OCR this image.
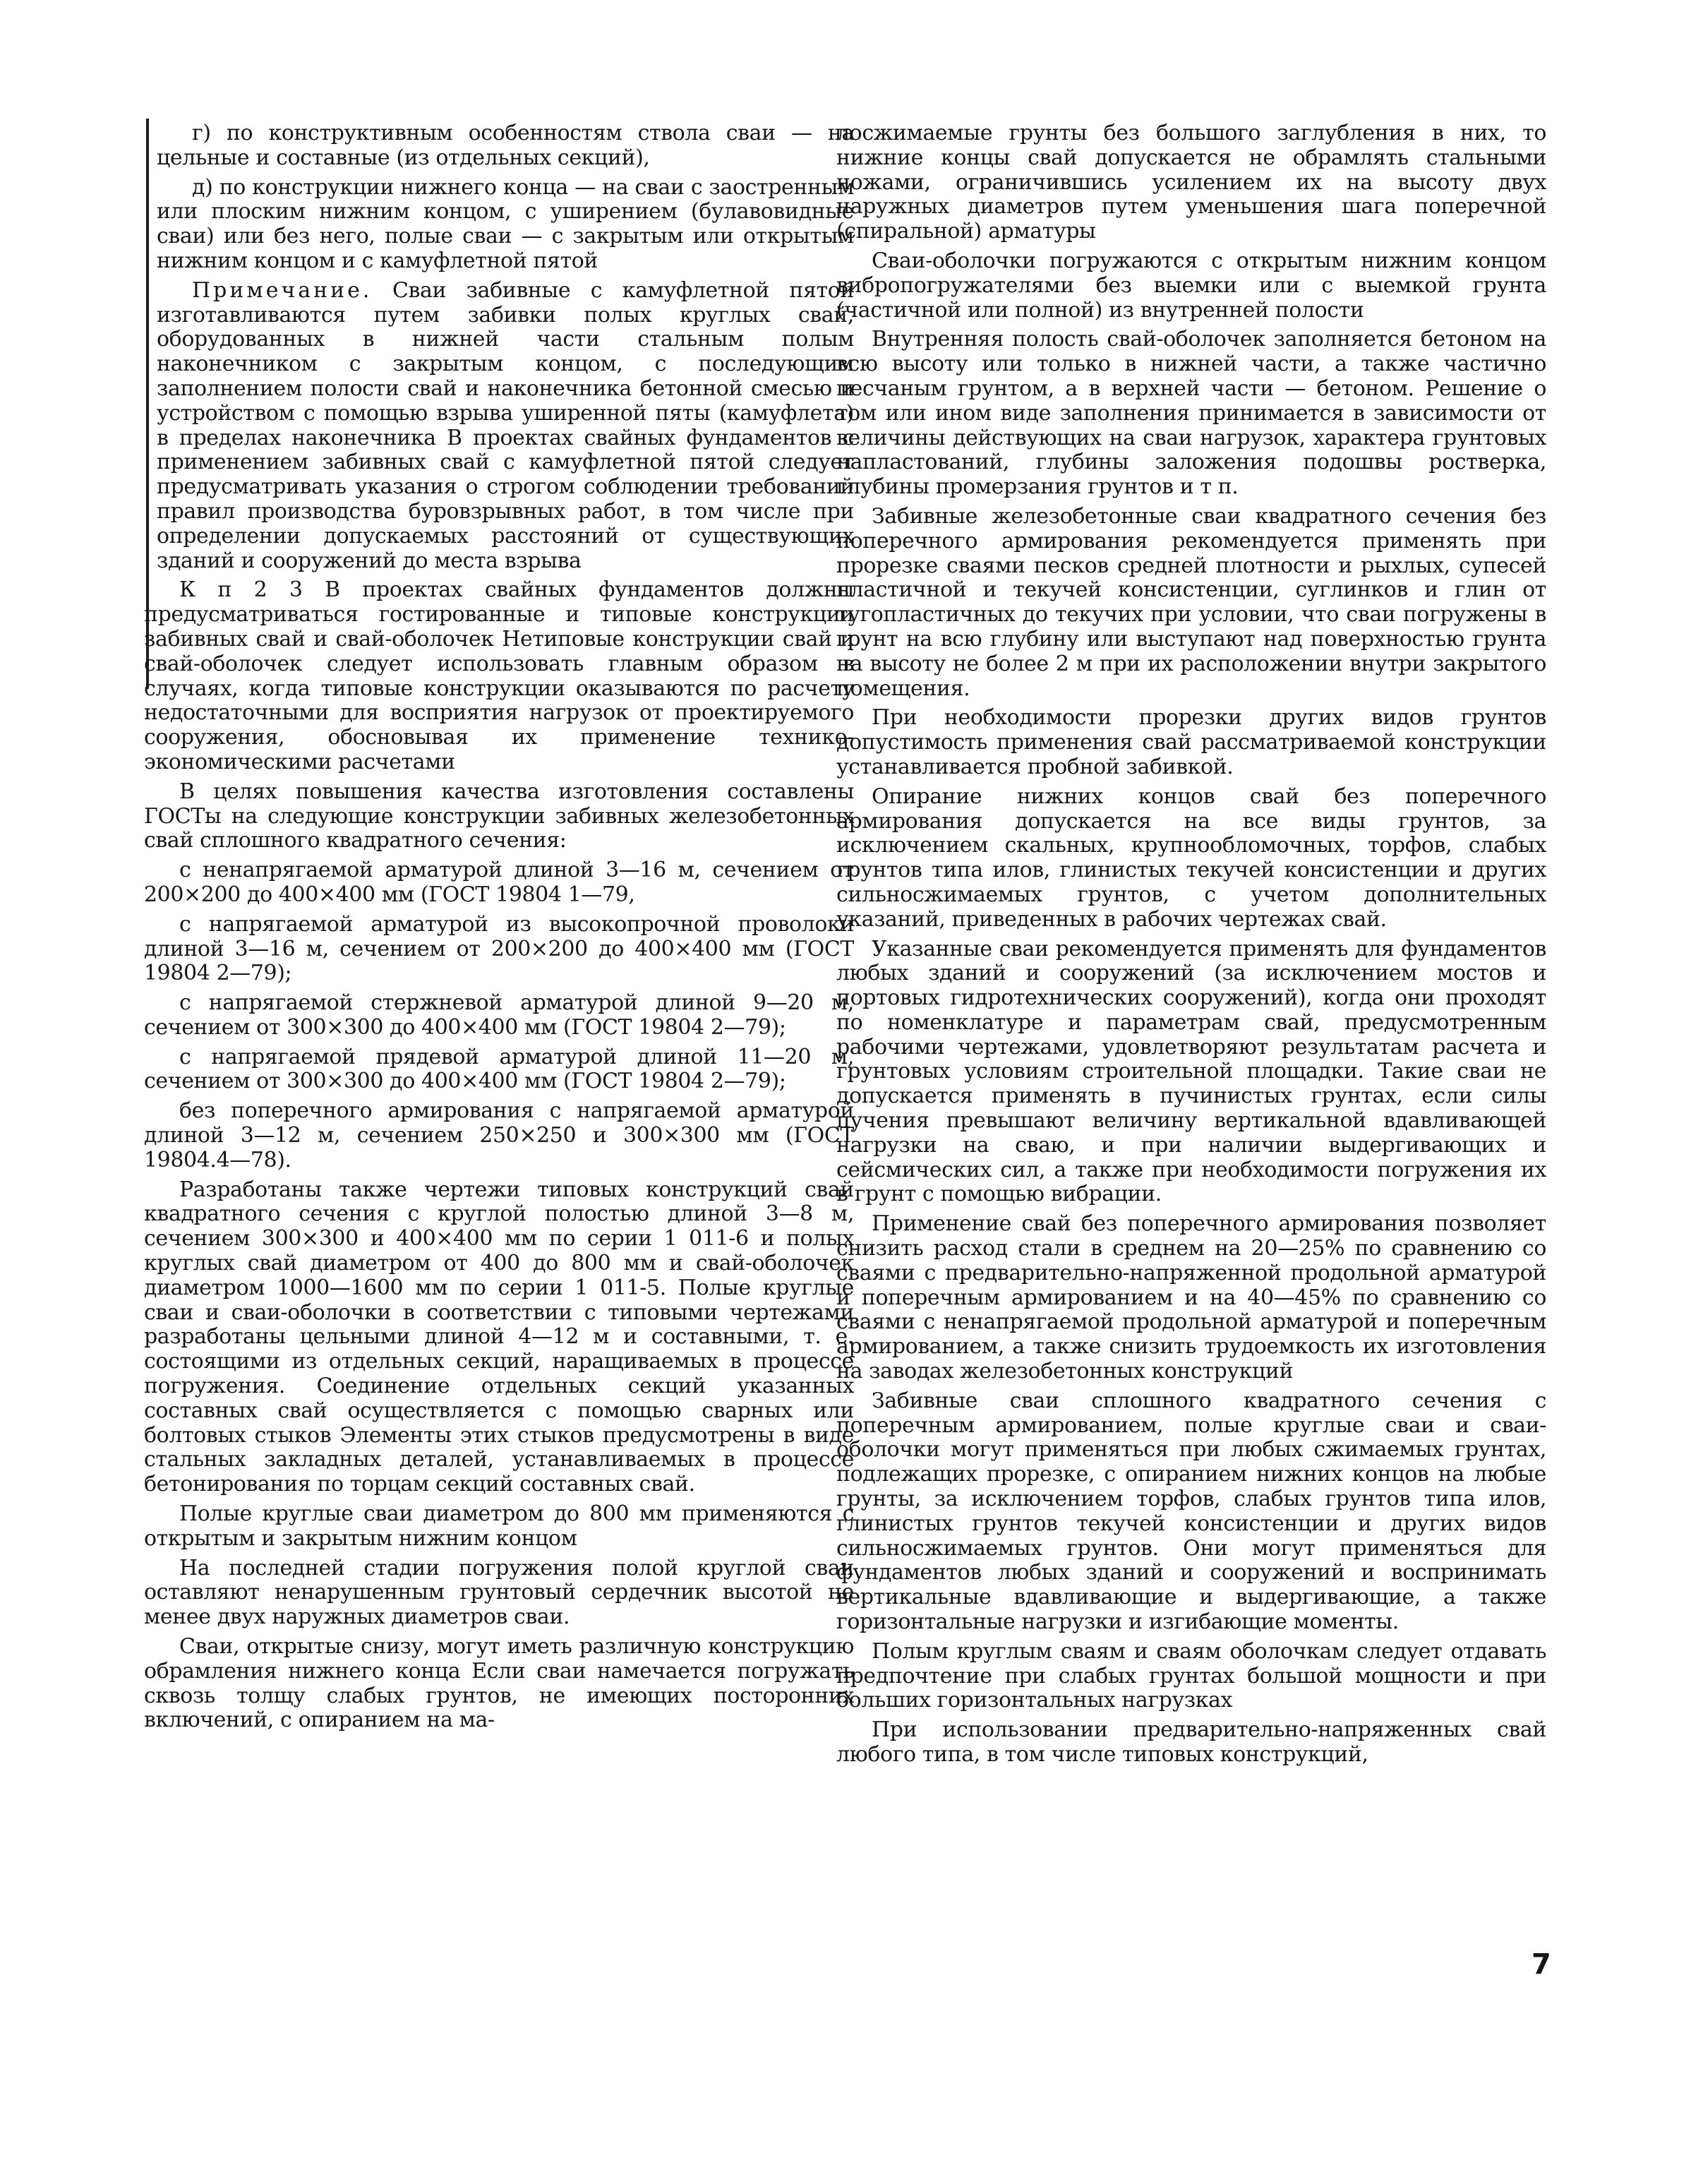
г) по конструктивным особенностям ствола сваи — на цельные и составные (из отдельных секций),

д) по конструкции нижнего конца — на сваи с заостренным или плоским нижним концом, с уширением (булавовидные сваи) или без него, полые сваи — с закрытым или открытым нижним концом и с камуфлетной пятой

Примечание. Сваи забивные с камуфлетной пятой изготавливаются путем забивки полых круглых свай, оборудованных в нижней части стальным полым наконечником с закрытым концом, с последующим заполнением полости свай и наконечника бетонной смесью и устройством с помощью взрыва уширенной пяты (камуфлета) в пределах наконечника В проектах свайных фундаментов с применением забивных свай с камуфлетной пятой следует предусматривать указания о строгом соблюдении требований правил производства буровзрывных работ, в том числе при определении допускаемых расстояний от существующих зданий и сооружений до места взрыва

К п 2 3 В проектах свайных фундаментов должны предусматриваться гостированные и типовые конструкции забивных свай и свай-оболочек Нетиповые конструкции свай и свай-оболочек следует использовать главным образом в случаях, когда типовые конструкции оказываются по расчету недостаточными для восприятия нагрузок от проектируемого сооружения, обосновывая их применение технико-экономическими расчетами

В целях повышения качества изготовления составлены ГОСТы на следующие конструкции забивных железобетонных свай сплошного квадратного сечения:

с ненапрягаемой арматурой длиной 3—16 м, сечением от 200×200 до 400×400 мм (ГОСТ 19804 1—79,

с напрягаемой арматурой из высокопрочной проволоки длиной 3—16 м, сечением от 200×200 до 400×400 мм (ГОСТ 19804 2—79);

с напрягаемой стержневой арматурой длиной 9—20 м, сечением от 300×300 до 400×400 мм (ГОСТ 19804 2—79);

с напрягаемой прядевой арматурой длиной 11—20 м, сечением от 300×300 до 400×400 мм (ГОСТ 19804 2—79);

без поперечного армирования с напрягаемой арматурой длиной 3—12 м, сечением 250×250 и 300×300 мм (ГОСТ 19804.4—78).

Разработаны также чертежи типовых конструкций свай квадратного сечения с круглой полостью длиной 3—8 м, сечением 300×300 и 400×400 мм по серии 1 011-6 и полых круглых свай диаметром от 400 до 800 мм и свай-оболочек диаметром 1000—1600 мм по серии 1 011-5. Полые круглые сваи и сваи-оболочки в соответствии с типовыми чертежами разработаны цельными длиной 4—12 м и составными, т. е. состоящими из отдельных секций, наращиваемых в процессе погружения. Соединение отдельных секций указанных составных свай осуществляется с помощью сварных или болтовых стыков Элементы этих стыков предусмотрены в виде стальных закладных деталей, устанавливаемых в процессе бетонирования по торцам секций составных свай.

Полые круглые сваи диаметром до 800 мм применяются с открытым и закрытым нижним концом

На последней стадии погружения полой круглой сваи оставляют ненарушенным грунтовый сердечник высотой не менее двух наружных диаметров сваи.

Сваи, открытые снизу, могут иметь различную конструкцию обрамления нижнего конца Если сваи намечается погружать сквозь толщу слабых грунтов, не имеющих посторонних включений, с опиранием на ма-

лосжимаемые грунты без большого заглубления в них, то нижние концы свай допускается не обрамлять стальными ножами, ограничившись усилением их на высоту двух наружных диаметров путем уменьшения шага поперечной (спиральной) арматуры

Сваи-оболочки погружаются с открытым нижним концом вибропогружателями без выемки или с выемкой грунта (частичной или полной) из внутренней полости

Внутренняя полость свай-оболочек заполняется бетоном на всю высоту или только в нижней части, а также частично песчаным грунтом, а в верхней части — бетоном. Решение о том или ином виде заполнения принимается в зависимости от величины действующих на сваи нагрузок, характера грунтовых напластований, глубины заложения подошвы ростверка, глубины промерзания грунтов и т п.

Забивные железобетонные сваи квадратного сечения без поперечного армирования рекомендуется применять при прорезке сваями песков средней плотности и рыхлых, супесей пластичной и текучей консистенции, суглинков и глин от тугопластичных до текучих при условии, что сваи погружены в грунт на всю глубину или выступают над поверхностью грунта на высоту не более 2 м при их расположении внутри закрытого помещения.

При необходимости прорезки других видов грунтов допустимость применения свай рассматриваемой конструкции устанавливается пробной забивкой.

Опирание нижних концов свай без поперечного армирования допускается на все виды грунтов, за исключением скальных, крупнообломочных, торфов, слабых грунтов типа илов, глинистых текучей консистенции и других сильносжимаемых грунтов, с учетом дополнительных указаний, приведенных в рабочих чертежах свай.

Указанные сваи рекомендуется применять для фундаментов любых зданий и сооружений (за исключением мостов и портовых гидротехнических сооружений), когда они проходят по номенклатуре и параметрам свай, предусмотренным рабочими чертежами, удовлетворяют результатам расчета и грунтовых условиям строительной площадки. Такие сваи не допускается применять в пучинистых грунтах, если силы пучения превышают величину вертикальной вдавливающей нагрузки на сваю, и при наличии выдергивающих и сейсмических сил, а также при необходимости погружения их в грунт с помощью вибрации.

Применение свай без поперечного армирования позволяет снизить расход стали в среднем на 20—25% по сравнению со сваями с предварительно-напряженной продольной арматурой и поперечным армированием и на 40—45% по сравнению со сваями с ненапрягаемой продольной арматурой и поперечным армированием, а также снизить трудоемкость их изготовления на заводах железобетонных конструкций

Забивные сваи сплошного квадратного сечения с поперечным армированием, полые круглые сваи и сваи-оболочки могут применяться при любых сжимаемых грунтах, подлежащих прорезке, с опиранием нижних концов на любые грунты, за исключением торфов, слабых грунтов типа илов, глинистых грунтов текучей консистенции и других видов сильносжимаемых грунтов. Они могут применяться для фундаментов любых зданий и сооружений и воспринимать вертикальные вдавливающие и выдергивающие, а также горизонтальные нагрузки и изгибающие моменты.

Полым круглым сваям и сваям оболочкам следует отдавать предпочтение при слабых грунтах большой мощности и при больших горизонтальных нагрузках

При использовании предварительно-напряженных свай любого типа, в том числе типовых конструкций,

7
